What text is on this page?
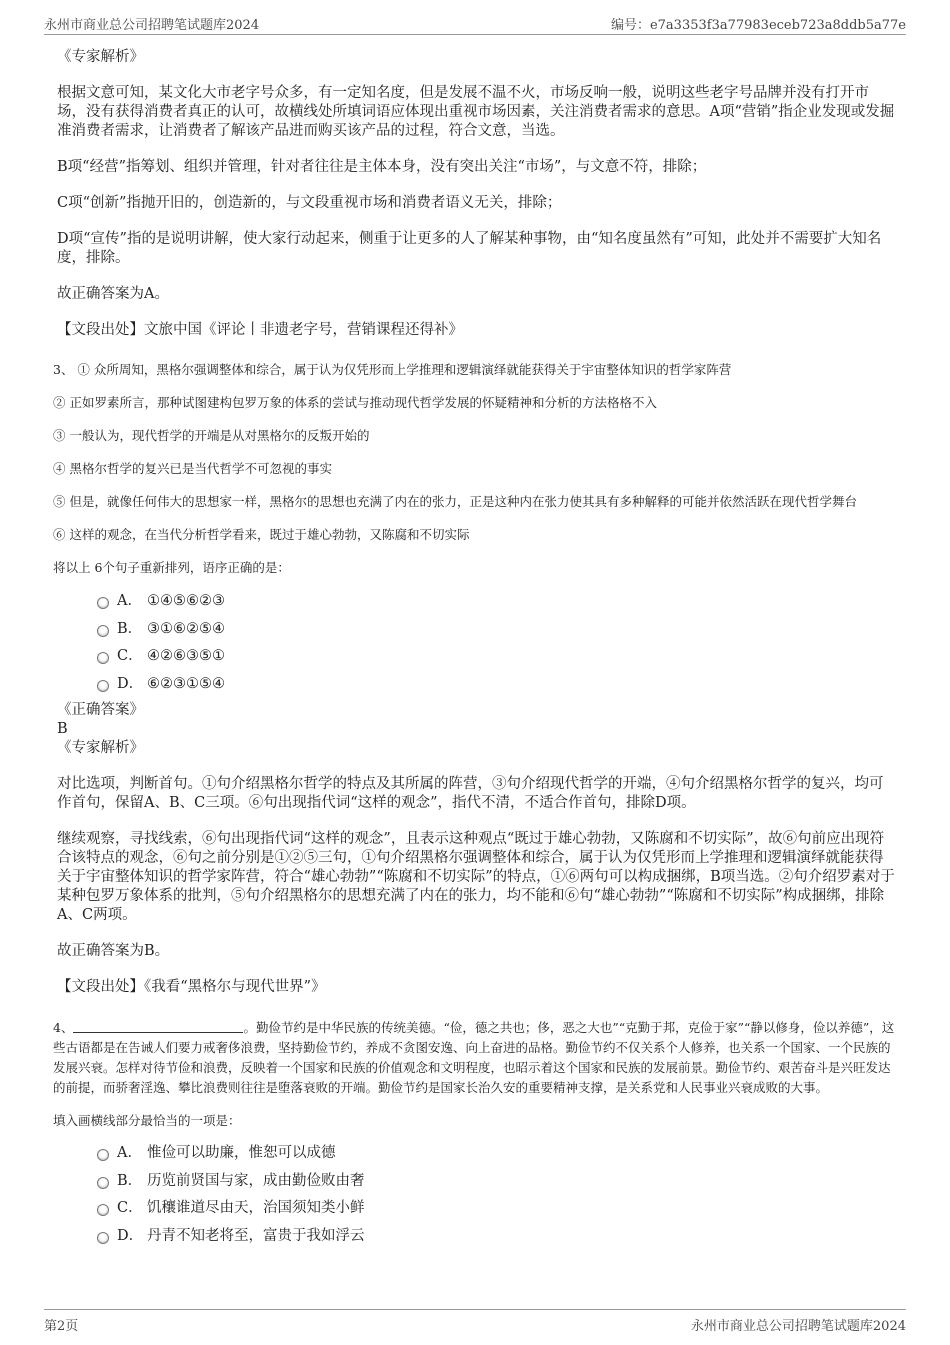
永州市商业总公司招聘笔试题库2024	编号：e7a3353f3a77983eceb723a8ddb5a77e

《专家解析》

根据文意可知，某文化大市老字号众多，有一定知名度，但是发展不温不火，市场反响一般，说明这些老字号品牌并没有打开市场，没有获得消费者真正的认可，故横线处所填词语应体现出重视市场因素，关注消费者需求的意思。A项“营销”指企业发现或发掘准消费者需求，让消费者了解该产品进而购买该产品的过程，符合文意，当选。

B项“经营”指筹划、组织并管理，针对者往往是主体本身，没有突出关注“市场”，与文意不符，排除；

C项“创新”指抛开旧的，创造新的，与文段重视市场和消费者语义无关，排除；

D项“宣传”指的是说明讲解，使大家行动起来，侧重于让更多的人了解某种事物，由“知名度虽然有”可知，此处并不需要扩大知名度，排除。

故正确答案为A。

【文段出处】文旅中国《评论丨非遗老字号，营销课程还得补》

3、 ① 众所周知，黑格尔强调整体和综合，属于认为仅凭形而上学推理和逻辑演绎就能获得关于宇宙整体知识的哲学家阵营

② 正如罗素所言，那种试图建构包罗万象的体系的尝试与推动现代哲学发展的怀疑精神和分析的方法格格不入

③ 一般认为，现代哲学的开端是从对黑格尔的反叛开始的

④ 黑格尔哲学的复兴已是当代哲学不可忽视的事实

⑤ 但是，就像任何伟大的思想家一样，黑格尔的思想也充满了内在的张力，正是这种内在张力使其具有多种解释的可能并依然活跃在现代哲学舞台

⑥ 这样的观念，在当代分析哲学看来，既过于雄心勃勃，又陈腐和不切实际

将以上 6个句子重新排列，语序正确的是：

A． ①④⑤⑥②③
B． ③①⑥②⑤④
C． ④②⑥③⑤①
D． ⑥②③①⑤④

《正确答案》

B

《专家解析》

对比选项，判断首句。①句介绍黑格尔哲学的特点及其所属的阵营，③句介绍现代哲学的开端，④句介绍黑格尔哲学的复兴，均可作首句，保留A、B、C三项。⑥句出现指代词“这样的观念”，指代不清，不适合作首句，排除D项。

继续观察，寻找线索，⑥句出现指代词“这样的观念”，且表示这种观点“既过于雄心勃勃，又陈腐和不切实际”，故⑥句前应出现符合该特点的观念，⑥句之前分别是①②⑤三句，①句介绍黑格尔强调整体和综合，属于认为仅凭形而上学推理和逻辑演绎就能获得关于宇宙整体知识的哲学家阵营，符合“雄心勃勃”“陈腐和不切实际”的特点，①⑥两句可以构成捆绑，B项当选。②句介绍罗素对于某种包罗万象体系的批判，⑤句介绍黑格尔的思想充满了内在的张力，均不能和⑥句“雄心勃勃”“陈腐和不切实际”构成捆绑，排除A、C两项。

故正确答案为B。

【文段出处】《我看“黑格尔与现代世界”》

4、	。勤俭节约是中华民族的传统美德。“俭，德之共也；侈，恶之大也”“克勤于邦，克俭于家”“静以修身，俭以养德”，这些古语都是在告诫人们要力戒奢侈浪费，坚持勤俭节约，养成不贪图安逸、向上奋进的品格。勤俭节约不仅关系个人修养，也关系一个国家、一个民族的发展兴衰。怎样对待节俭和浪费，反映着一个国家和民族的价值观念和文明程度，也昭示着这个国家和民族的发展前景。勤俭节约、艰苦奋斗是兴旺发达的前提，而骄奢淫逸、攀比浪费则往往是堕落衰败的开端。勤俭节约是国家长治久安的重要精神支撑，是关系党和人民事业兴衰成败的大事。

填入画横线部分最恰当的一项是：

A． 惟俭可以助廉，惟恕可以成德
B． 历览前贤国与家，成由勤俭败由奢
C． 饥穰谁道尽由天，治国须知类小鲜
D． 丹青不知老将至，富贵于我如浮云
第2页	永州市商业总公司招聘笔试题库2024
